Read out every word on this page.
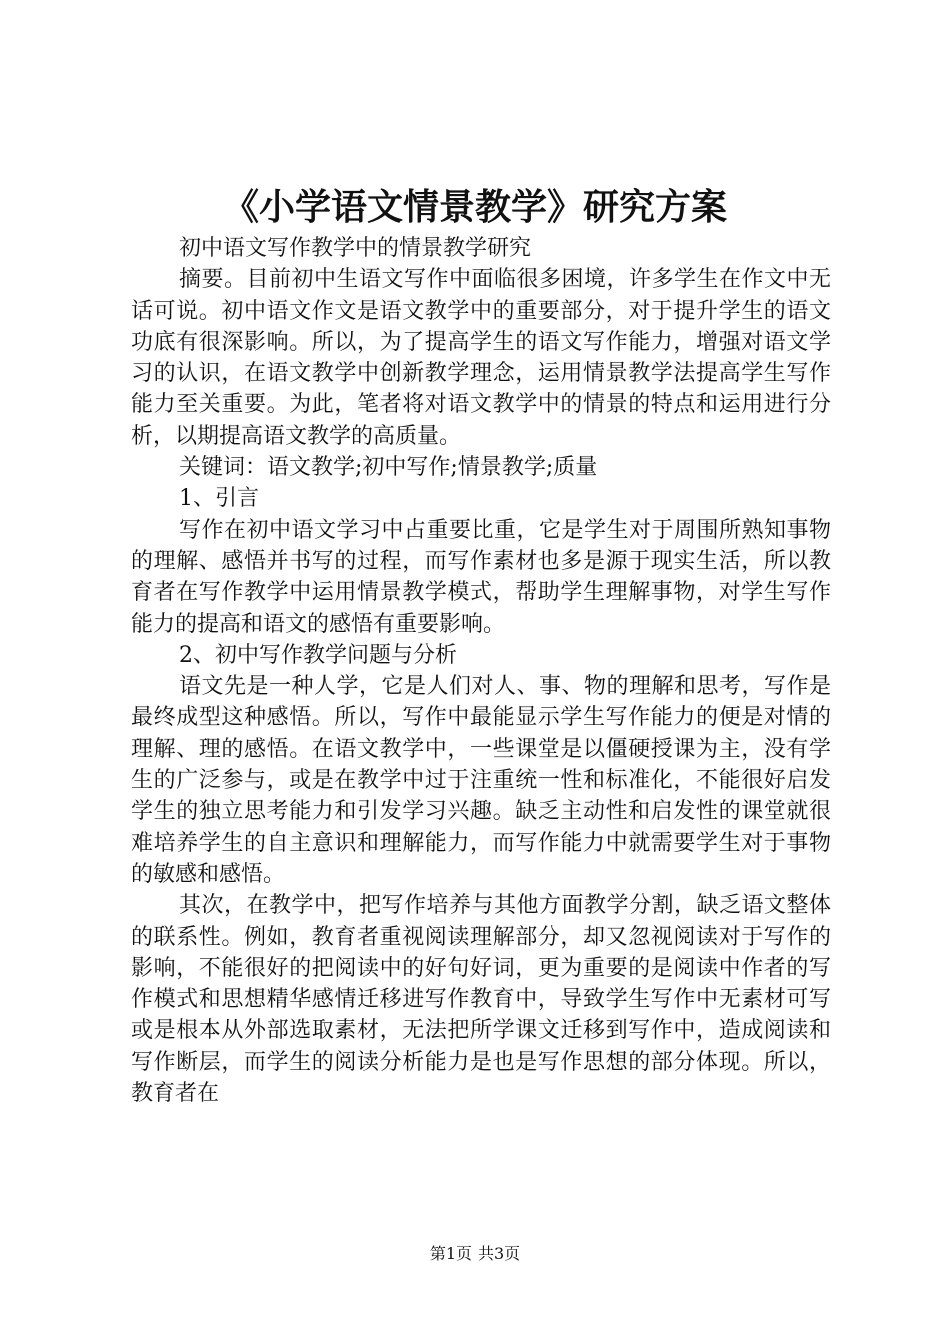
《小学语文情景教学》研究方案

初中语文写作教学中的情景教学研究

摘要。目前初中生语文写作中面临很多困境，许多学生在作文中无话可说。初中语文作文是语文教学中的重要部分，对于提升学生的语文功底有很深影响。所以，为了提高学生的语文写作能力，增强对语文学习的认识，在语文教学中创新教学理念，运用情景教学法提高学生写作能力至关重要。为此，笔者将对语文教学中的情景的特点和运用进行分析，以期提高语文教学的高质量。

关键词：语文教学;初中写作;情景教学;质量

1、引言

写作在初中语文学习中占重要比重，它是学生对于周围所熟知事物的理解、感悟并书写的过程，而写作素材也多是源于现实生活，所以教育者在写作教学中运用情景教学模式，帮助学生理解事物，对学生写作能力的提高和语文的感悟有重要影响。

2、初中写作教学问题与分析

语文先是一种人学，它是人们对人、事、物的理解和思考，写作是最终成型这种感悟。所以，写作中最能显示学生写作能力的便是对情的理解、理的感悟。在语文教学中，一些课堂是以僵硬授课为主，没有学生的广泛参与，或是在教学中过于注重统一性和标准化，不能很好启发学生的独立思考能力和引发学习兴趣。缺乏主动性和启发性的课堂就很难培养学生的自主意识和理解能力，而写作能力中就需要学生对于事物的敏感和感悟。

其次，在教学中，把写作培养与其他方面教学分割，缺乏语文整体的联系性。例如，教育者重视阅读理解部分，却又忽视阅读对于写作的影响，不能很好的把阅读中的好句好词，更为重要的是阅读中作者的写作模式和思想精华感情迁移进写作教育中，导致学生写作中无素材可写或是根本从外部选取素材，无法把所学课文迁移到写作中，造成阅读和写作断层，而学生的阅读分析能力是也是写作思想的部分体现。所以，教育者在

第1页 共3页
